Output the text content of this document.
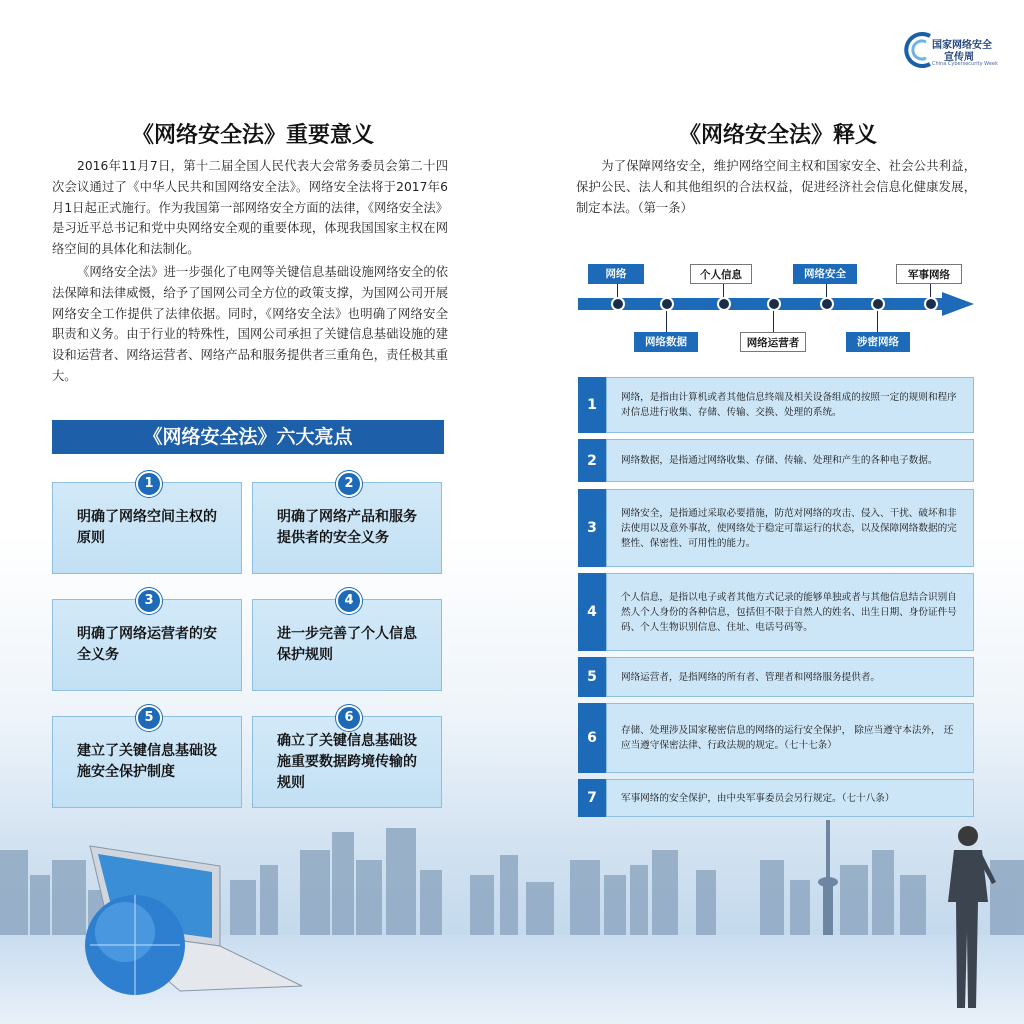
国家网络安全
宣传周
China Cybersecurity Week
《网络安全法》重要意义
2016年11月7日，第十二届全国人民代表大会常务委员会第二十四次会议通过了《中华人民共和国网络安全法》。网络安全法将于2017年6月1日起正式施行。作为我国第一部网络安全方面的法律，《网络安全法》是习近平总书记和党中央网络安全观的重要体现，体现我国国家主权在网络空间的具体化和法制化。
《网络安全法》进一步强化了电网等关键信息基础设施网络安全的依法保障和法律威慑，给予了国网公司全方位的政策支撑，为国网公司开展网络安全工作提供了法律依据。同时，《网络安全法》也明确了网络安全职责和义务。由于行业的特殊性，国网公司承担了关键信息基础设施的建设和运营者、网络运营者、网络产品和服务提供者三重角色，责任极其重大。
《网络安全法》六大亮点
明确了网络空间主权的原则
明确了网络产品和服务提供者的安全义务
明确了网络运营者的安全义务
进一步完善了个人信息保护规则
建立了关键信息基础设施安全保护制度
确立了关键信息基础设施重要数据跨境传输的规则
1	2
3	4
5	6
《网络安全法》释义
为了保障网络安全，维护网络空间主权和国家安全、社会公共利益，保护公民、法人和其他组织的合法权益，促进经济社会信息化健康发展，制定本法。（第一条）
网络	个人信息	网络安全	军事网络
网络数据	网络运营者	涉密网络
1	网络，是指由计算机或者其他信息终端及相关设备组成的按照一定的规则和程序对信息进行收集、存储、传输、交换、处理的系统。
2	网络数据，是指通过网络收集、存储、传输、处理和产生的各种电子数据。
3
网络安全，是指通过采取必要措施，防范对网络的攻击、侵入、干扰、破坏和非法使用以及意外事故，使网络处于稳定可靠运行的状态，以及保障网络数据的完整性、保密性、可用性的能力。
4
个人信息，是指以电子或者其他方式记录的能够单独或者与其他信息结合识别自然人个人身份的各种信息，包括但不限于自然人的姓名、出生日期、身份证件号码、个人生物识别信息、住址、电话号码等。
5	网络运营者，是指网络的所有者、管理者和网络服务提供者。
6	存储、处理涉及国家秘密信息的网络的运行安全保护， 除应当遵守本法外， 还应当遵守保密法律、行政法规的规定。（七十七条）
7	军事网络的安全保护，由中央军事委员会另行规定。（七十八条）
